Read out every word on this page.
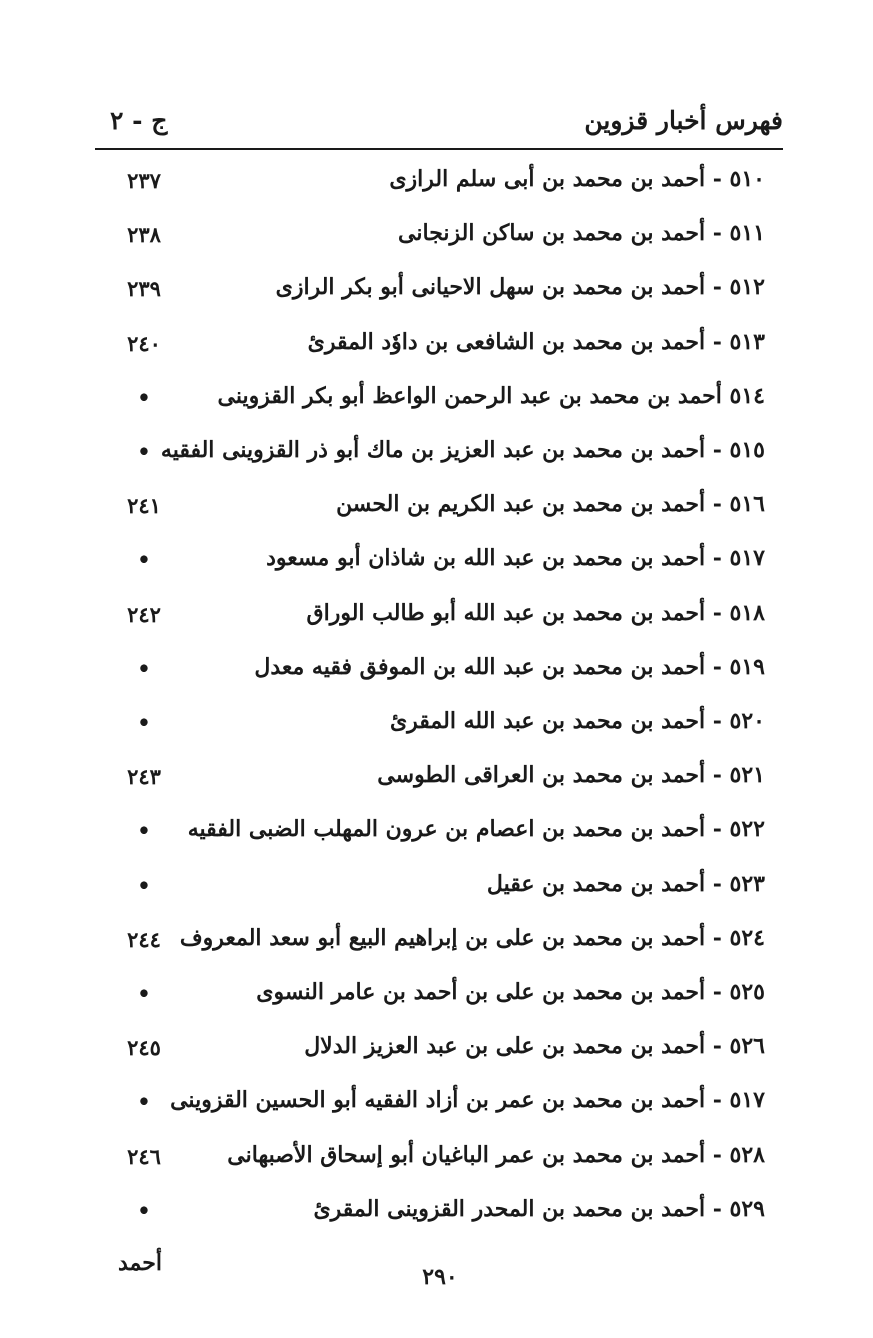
فهرس أخبار قزوين
ج - ٢
٥١٠ - أحمد بن محمد بن أبى سلم الرازى
٢٣٧
٥١١ - أحمد بن محمد بن ساكن الزنجانى
٢٣٨
٥١٢ - أحمد بن محمد بن سهل الاحيانى أبو بكر الرازى
٢٣٩
٥١٣ - أحمد بن محمد بن الشافعى بن داوٗد المقرئ
٢٤٠
٥١٤ أحمد بن محمد بن عبد الرحمن الواعظ أبو بكر القزوينى
•
٥١٥ - أحمد بن محمد بن عبد العزيز بن ماك أبو ذر القزوينى الفقيه
•
٥١٦ - أحمد بن محمد بن عبد الكريم بن الحسن
٢٤١
٥١٧ - أحمد بن محمد بن عبد الله بن شاذان أبو مسعود
•
٥١٨ - أحمد بن محمد بن عبد الله أبو طالب الوراق
٢٤٢
٥١٩ - أحمد بن محمد بن عبد الله بن الموفق فقيه معدل
•
٥٢٠ - أحمد بن محمد بن عبد الله المقرئ
•
٥٢١ - أحمد بن محمد بن العراقى الطوسى
٢٤٣
٥٢٢ - أحمد بن محمد بن اعصام بن عرون المهلب الضبى الفقيه
•
٥٢٣ - أحمد بن محمد بن عقيل
•
٥٢٤ - أحمد بن محمد بن على بن إبراهيم البيع أبو سعد المعروف
٢٤٤
٥٢٥ - أحمد بن محمد بن على بن أحمد بن عامر النسوى
•
٥٢٦ - أحمد بن محمد بن على بن عبد العزيز الدلال
٢٤٥
٥١٧ - أحمد بن محمد بن عمر بن أزاد الفقيه أبو الحسين القزوينى
•
٥٢٨ - أحمد بن محمد بن عمر الباغيان أبو إسحاق الأصبهانى
٢٤٦
٥٢٩ - أحمد بن محمد بن المحدر القزوينى المقرئ
•
أحمد
٢٩٠
